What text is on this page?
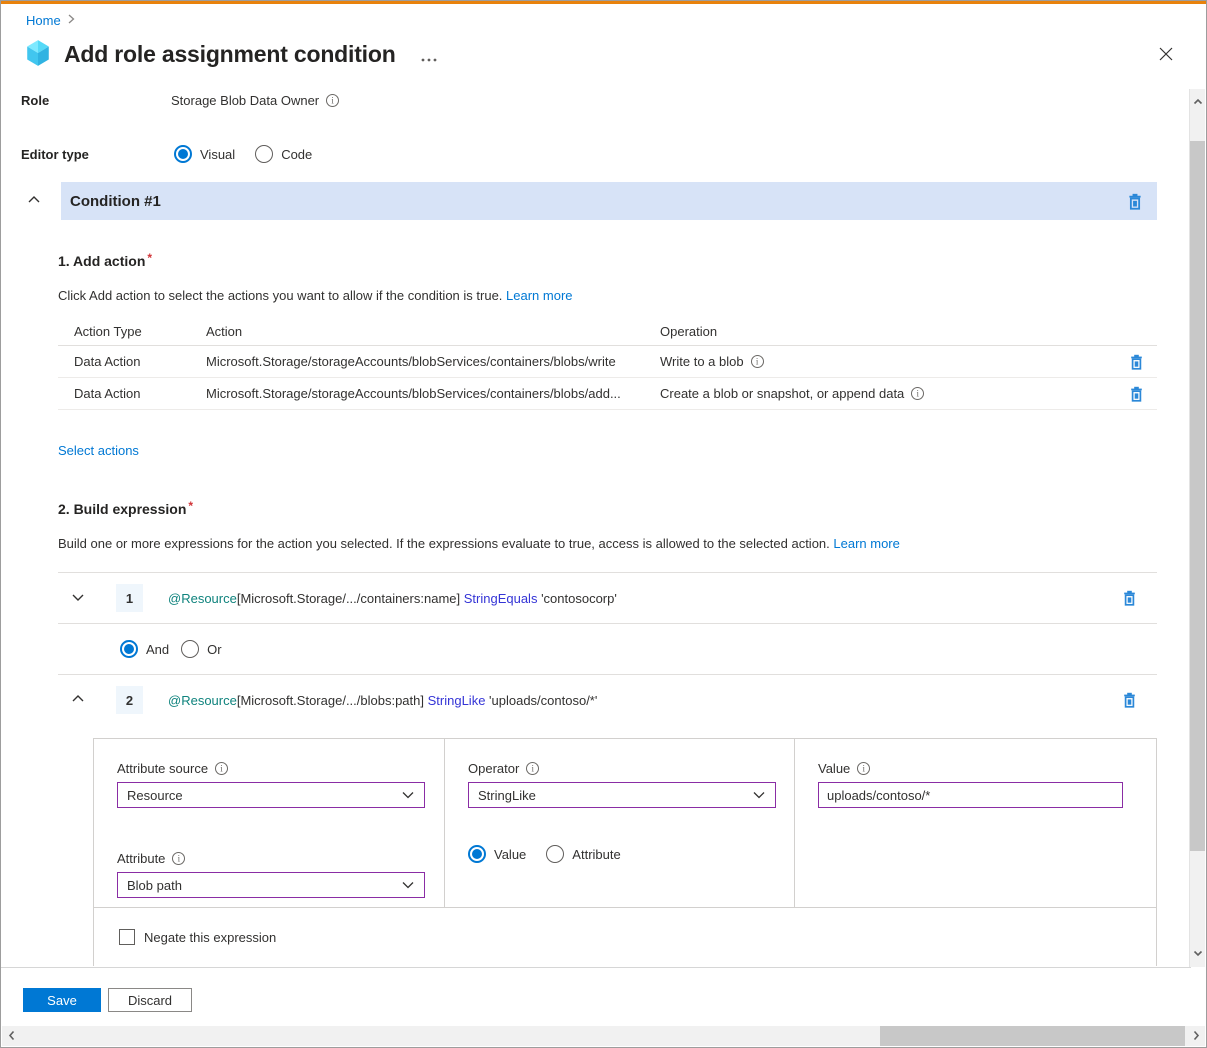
Home
Add role assignment condition
Role	Storage Blob Data Owner
i
Editor type	Visual	Code
Condition #1
1. Add action *
Click Add action to select the actions you want to allow if the condition is true. Learn more
Action Type	Action	Operation
Data Action	Microsoft.Storage/storageAccounts/blobServices/containers/blobs/write	Write to a blob
i
Data Action	Microsoft.Storage/storageAccounts/blobServices/containers/blobs/add...	Create a blob or snapshot, or append data
i
Select actions
2. Build expression *
Build one or more expressions for the action you selected. If the expressions evaluate to true, access is allowed to the selected action. Learn more
1	@Resource[Microsoft.Storage/.../containers:name] StringEquals 'contosocorp'
And	Or
2	@Resource[Microsoft.Storage/.../blobs:path] StringLike 'uploads/contoso/*'
Attribute source
i
Resource
Attribute
i
Blob path
Operator
i
StringLike
Value	Attribute
Value
i
uploads/contoso/*
Negate this expression
Save	Discard
